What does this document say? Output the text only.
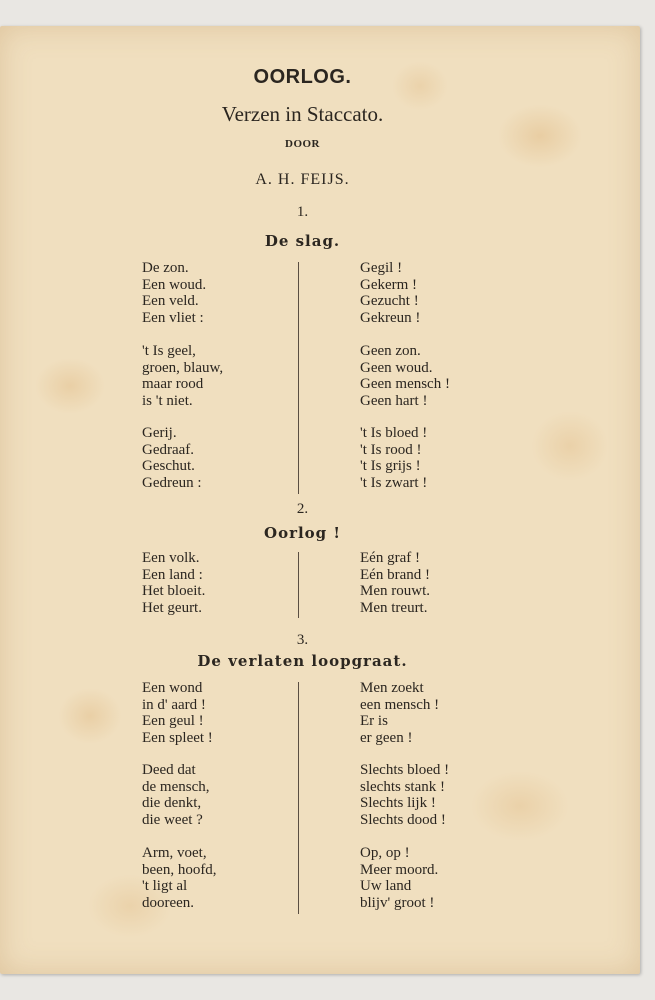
OORLOG.
Verzen in Staccato.
DOOR
A. H. FEIJS.
1.
De slag.
De zon.
Een woud.
Een veld.
Een vliet :
Gegil !
Gekerm !
Gezucht !
Gekreun !
't Is geel,
groen, blauw,
maar rood
is 't niet.
Geen zon.
Geen woud.
Geen mensch !
Geen hart !
Gerij.
Gedraaf.
Geschut.
Gedreun :
't Is bloed !
't Is rood !
't Is grijs !
't Is zwart !
2.
Oorlog !
Een volk.
Een land :
Het bloeit.
Het geurt.
Eén graf !
Eén brand !
Men rouwt.
Men treurt.
3.
De verlaten loopgraat.
Een wond
in d' aard !
Een geul !
Een spleet !
Men zoekt
een mensch !
Er is
er geen !
Deed dat
de mensch,
die denkt,
die weet ?
Slechts bloed !
slechts stank !
Slechts lijk !
Slechts dood !
Arm, voet,
been, hoofd,
't ligt al
dooreen.
Op, op !
Meer moord.
Uw land
blijv' groot !
